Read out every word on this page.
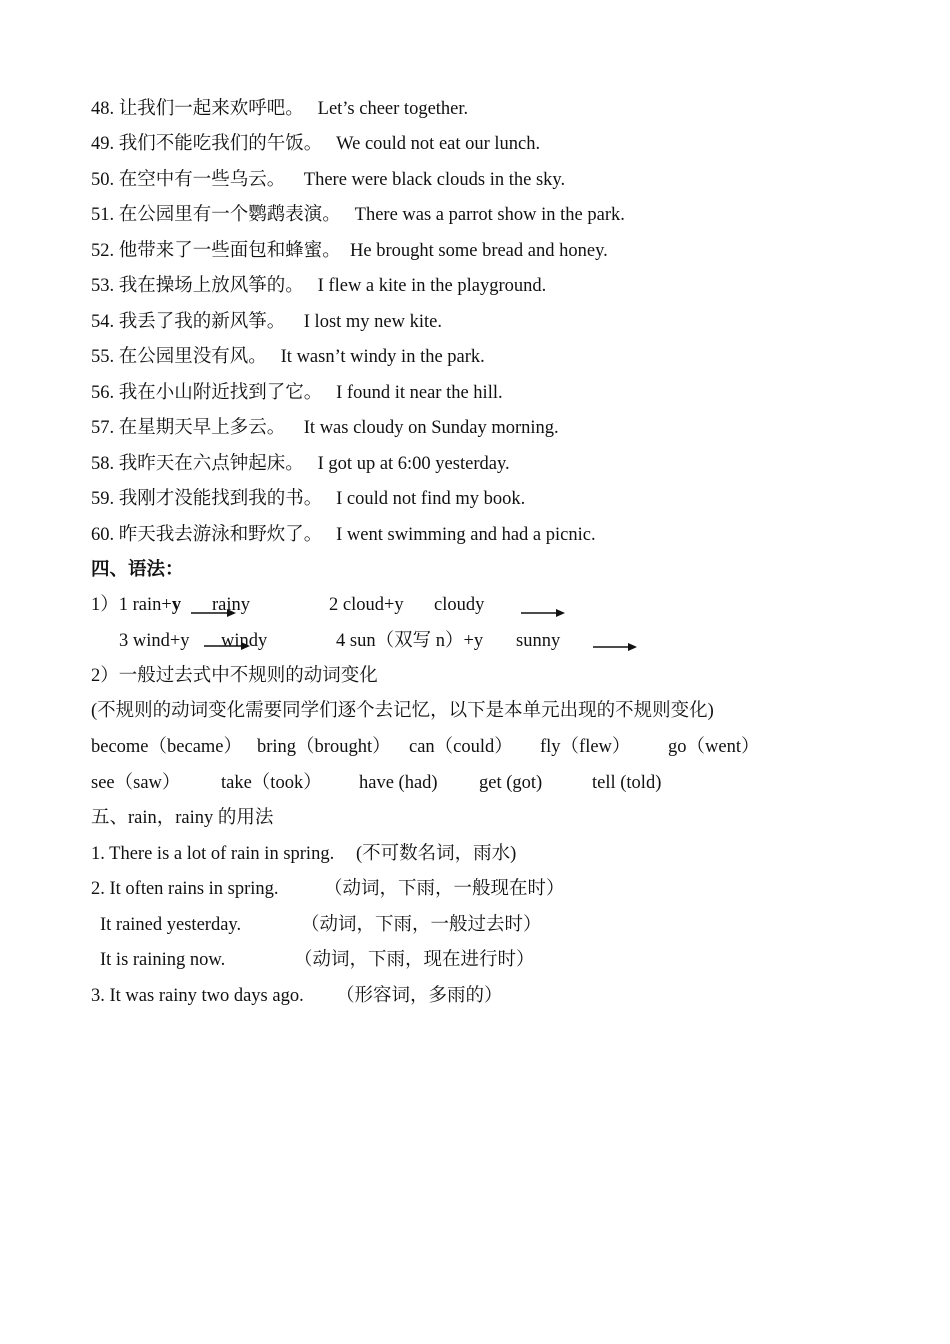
48. 让我们一起来欢呼吧。 Let’s cheer together.
49. 我们不能吃我们的午饭。 We could not eat our lunch.
50. 在空中有一些乌云。 There were black clouds in the sky.
51. 在公园里有一个鹦鹉表演。 There was a parrot show in the park.
52. 他带来了一些面包和蜂蜜。 He brought some bread and honey.
53. 我在操场上放风筝的。 I flew a kite in the playground.
54. 我丢了我的新风筝。 I lost my new kite.
55. 在公园里没有风。 It wasn’t windy in the park.
56. 我在小山附近找到了它。 I found it near the hill.
57. 在星期天早上多云。 It was cloudy on Sunday morning.
58. 我昨天在六点钟起床。 I got up at 6:00 yesterday.
59. 我刚才没能找到我的书。 I could not find my book.
60. 昨天我去游泳和野炊了。 I went swimming and had a picnic.
四、语法：
1）1 rain+y rainy	2 cloud+y cloudy
3 wind+y windy	4 sun（双写 n）+y sunny
2）一般过去式中不规则的动词变化
(不规则的动词变化需要同学们逐个去记忆，以下是本单元出现的不规则变化)
become（became） bring（brought） can（could） fly（flew） go（went）
see（saw） take（took） have (had) get (got)	tell (told)
五、rain，rainy 的用法
1. There is a lot of rain in spring. (不可数名词，雨水)
2. It often rains in spring. （动词，下雨，一般现在时）
It rained yesterday.	（动词，下雨，一般过去时）
It is raining now.	（动词，下雨，现在进行时）
3. It was rainy two days ago. （形容词，多雨的）
